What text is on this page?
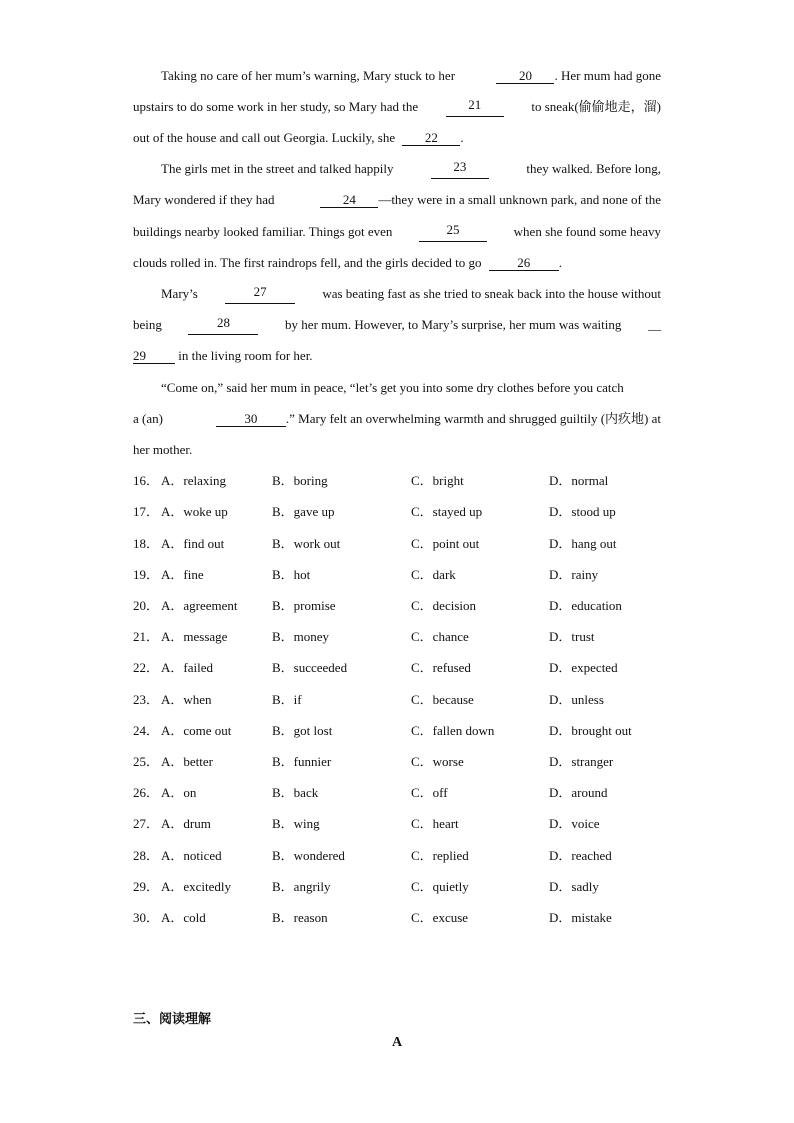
Taking no care of her mum’s warning, Mary stuck to her	20 . Her mum had gone
upstairs to do some work in her study, so Mary had the	21	to sneak(偷偷地走，溜)
out of the house and call out Georgia. Luckily, she 22 .
The girls met in the street and talked happily	23	they walked. Before long,
Mary wondered if they had	24 —they were in a small unknown park, and none of the
buildings nearby looked familiar. Things got even	25	when she found some heavy
clouds rolled in. The first raindrops fell, and the girls decided to go	26 .
Mary’s	27	was beating fast as she tried to sneak back into the house without
being	28	by her mum. However, to Mary’s surprise, her mum was waiting __
29 in the living room for her.
“Come on,” said her mum in peace, “let’s get you into some dry clothes before you catch
a (an)	30 .” Mary felt an overwhelming warmth and shrugged guiltily (内疚地) at
her mother.
16． A．relaxing	B．boring	C．bright	D．normal
17． A．woke up	B．gave up	C．stayed up	D．stood up
18． A．find out	B．work out	C．point out	D．hang out
19． A．fine	B．hot	C．dark	D．rainy
20． A．agreement	B．promise	C．decision	D．education
21． A．message	B．money	C．chance	D．trust
22． A．failed	B．succeeded	C．refused	D．expected
23． A．when	B．if	C．because	D．unless
24． A．come out	B．got lost	C．fallen down	D．brought out
25． A．better	B．funnier	C．worse	D．stranger
26． A．on	B．back	C．off	D．around
27． A．drum	B．wing	C．heart	D．voice
28． A．noticed	B．wondered	C．replied	D．reached
29． A．excitedly	B．angrily	C．quietly	D．sadly
30． A．cold	B．reason	C．excuse	D．mistake
三、阅读理解
A
